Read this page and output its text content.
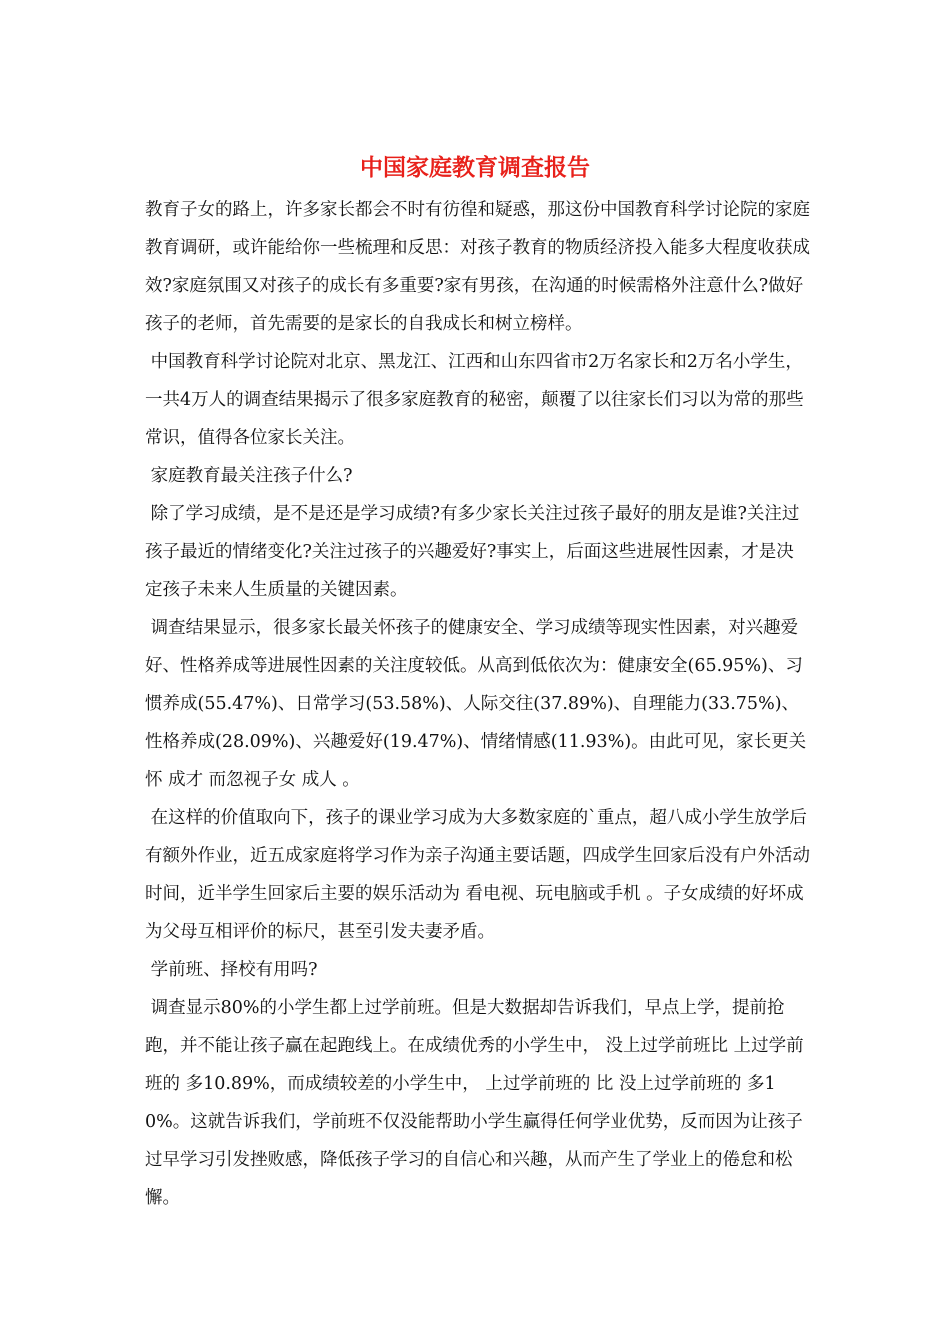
中国家庭教育调查报告

教育子女的路上，许多家长都会不时有彷徨和疑惑，那这份中国教育科学讨论院的家庭教育调研，或许能给你一些梳理和反思：对孩子教育的物质经济投入能多大程度收获成效?家庭氛围又对孩子的成长有多重要?家有男孩，在沟通的时候需格外注意什么?做好孩子的老师，首先需要的是家长的自我成长和树立榜样。

中国教育科学讨论院对北京、黑龙江、江西和山东四省市2万名家长和2万名小学生，一共4万人的调查结果揭示了很多家庭教育的秘密，颠覆了以往家长们习以为常的那些常识，值得各位家长关注。

家庭教育最关注孩子什么?

除了学习成绩，是不是还是学习成绩?有多少家长关注过孩子最好的朋友是谁?关注过孩子最近的情绪变化?关注过孩子的兴趣爱好?事实上，后面这些进展性因素，才是决定孩子未来人生质量的关键因素。

调查结果显示，很多家长最关怀孩子的健康安全、学习成绩等现实性因素，对兴趣爱好、性格养成等进展性因素的关注度较低。从高到低依次为：健康安全(65.95%)、习惯养成(55.47%)、日常学习(53.58%)、人际交往(37.89%)、自理能力(33.75%)、性格养成(28.09%)、兴趣爱好(19.47%)、情绪情感(11.93%)。由此可见，家长更关怀 成才 而忽视子女 成人 。

在这样的价值取向下，孩子的课业学习成为大多数家庭的`重点，超八成小学生放学后有额外作业，近五成家庭将学习作为亲子沟通主要话题，四成学生回家后没有户外活动时间，近半学生回家后主要的娱乐活动为 看电视、玩电脑或手机 。子女成绩的好坏成为父母互相评价的标尺，甚至引发夫妻矛盾。

学前班、择校有用吗?

调查显示80%的小学生都上过学前班。但是大数据却告诉我们，早点上学，提前抢跑，并不能让孩子赢在起跑线上。在成绩优秀的小学生中， 没上过学前班比 上过学前班的 多10.89%，而成绩较差的小学生中， 上过学前班的 比 没上过学前班的 多10%。这就告诉我们，学前班不仅没能帮助小学生赢得任何学业优势，反而因为让孩子过早学习引发挫败感，降低孩子学习的自信心和兴趣，从而产生了学业上的倦怠和松懈。
